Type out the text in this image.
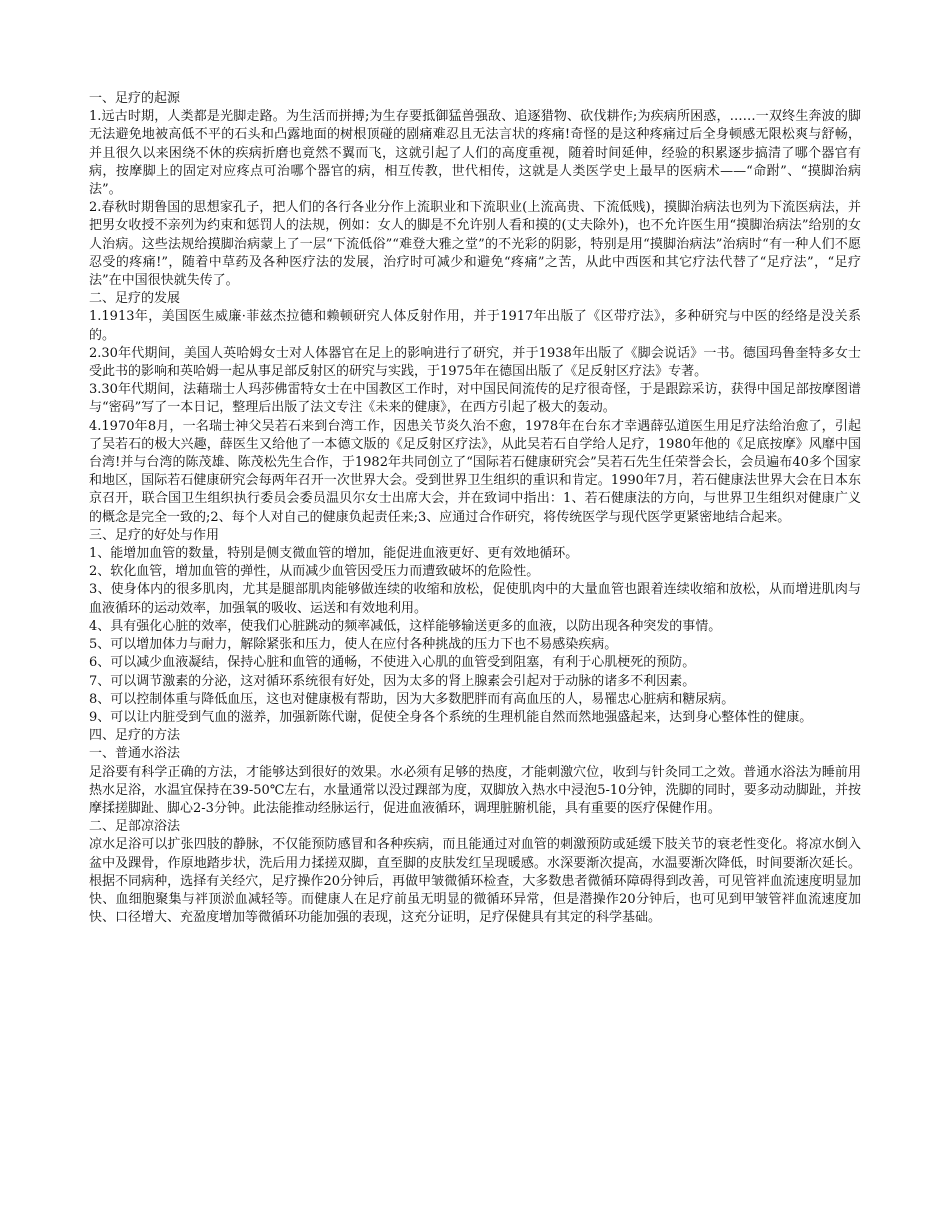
一、足疗的起源

1.远古时期，人类都是光脚走路。为生活而拼搏;为生存要抵御猛兽强敌、追逐猎物、砍伐耕作;为疾病所困惑，……一双终生奔波的脚无法避免地被高低不平的石头和凸露地面的树根顶碰的剧痛难忍且无法言状的疼痛!奇怪的是这种疼痛过后全身顿感无限松爽与舒畅，并且很久以来困绕不休的疾病折磨也竟然不翼而飞，这就引起了人们的高度重视，随着时间延伸，经验的积累逐步搞清了哪个器官有病，按摩脚上的固定对应疼点可治哪个器官的病，相互传教，世代相传，这就是人类医学史上最早的医病术——“命跗”、“摸脚治病法”。

2.春秋时期鲁国的思想家孔子，把人们的各行各业分作上流职业和下流职业(上流高贵、下流低贱)，摸脚治病法也列为下流医病法，并把男女收授不亲列为约束和惩罚人的法规，例如：女人的脚是不允许别人看和摸的(丈夫除外)，也不允许医生用“摸脚治病法”给别的女人治病。这些法规给摸脚治病蒙上了一层“下流低俗”“难登大雅之堂”的不光彩的阴影，特别是用“摸脚治病法”治病时“有一种人们不愿忍受的疼痛!”，随着中草药及各种医疗法的发展，治疗时可减少和避免“疼痛”之苦，从此中西医和其它疗法代替了“足疗法”，“足疗法”在中国很快就失传了。

二、足疗的发展

1.1913年，美国医生威廉·菲兹杰拉德和赖顿研究人体反射作用，并于1917年出版了《区带疗法》，多种研究与中医的经络是没关系的。

2.30年代期间，美国人英哈姆女士对人体器官在足上的影响进行了研究，并于1938年出版了《脚会说话》一书。德国玛鲁奎特多女士受此书的影响和英哈姆一起从事足部反射区的研究与实践，于1975年在德国出版了《足反射区疗法》专著。

3.30年代期间，法藉瑞士人玛莎佛雷特女士在中国教区工作时，对中国民间流传的足疗很奇怪，于是跟踪采访，获得中国足部按摩图谱与“密码”写了一本日记，整理后出版了法文专注《未来的健康》，在西方引起了极大的轰动。

4.1970年8月，一名瑞士神父吴若石来到台湾工作，因患关节炎久治不愈，1978年在台东才幸遇薛弘道医生用足疗法给治愈了，引起了吴若石的极大兴趣，薛医生又给他了一本德文版的《足反射区疗法》，从此吴若石自学给人足疗，1980年他的《足底按摩》风靡中国台湾!并与台湾的陈茂雄、陈茂松先生合作，于1982年共同创立了“国际若石健康研究会”吴若石先生任荣誉会长，会员遍布40多个国家和地区，国际若石健康研究会每两年召开一次世界大会。受到世界卫生组织的重识和肯定。1990年7月，若石健康法世界大会在日本东京召开，联合国卫生组织执行委员会委员温贝尔女士出席大会，并在致词中指出：1、若石健康法的方向，与世界卫生组织对健康广义的概念是完全一致的;2、每个人对自己的健康负起责任来;3、应通过合作研究，将传统医学与现代医学更紧密地结合起来。

三、足疗的好处与作用

1、能增加血管的数量，特别是侧支微血管的增加，能促进血液更好、更有效地循环。

2、软化血管，增加血管的弹性，从而减少血管因受压力而遭致破坏的危险性。

3、使身体内的很多肌肉，尤其是腿部肌肉能够做连续的收缩和放松，促使肌肉中的大量血管也跟着连续收缩和放松，从而增进肌肉与血液循环的运动效率，加强氧的吸收、运送和有效地利用。

4、具有强化心脏的效率，使我们心脏跳动的频率减低，这样能够输送更多的血液，以防出现各种突发的事情。

5、可以增加体力与耐力，解除紧张和压力，使人在应付各种挑战的压力下也不易感染疾病。

6、可以减少血液凝结，保持心脏和血管的通畅，不使进入心肌的血管受到阻塞，有利于心肌梗死的预防。

7、可以调节激素的分泌，这对循环系统很有好处，因为太多的肾上腺素会引起对于动脉的诸多不利因素。

8、可以控制体重与降低血压，这也对健康极有帮助，因为大多数肥胖而有高血压的人，易罹忠心脏病和糖尿病。

9、可以让内脏受到气血的滋养，加强新陈代谢，促使全身各个系统的生理机能自然而然地强盛起来，达到身心整体性的健康。

四、足疗的方法

一、普通水浴法

足浴要有科学正确的方法，才能够达到很好的效果。水必须有足够的热度，才能刺激穴位，收到与针灸同工之效。普通水浴法为睡前用热水足浴，水温宜保持在39-50℃左右，水量通常以没过踝部为度，双脚放入热水中浸泡5-10分钟，洗脚的同时，要多动动脚趾，并按摩揉搓脚趾、脚心2-3分钟。此法能推动经脉运行，促进血液循环，调理脏腑机能，具有重要的医疗保健作用。

二、足部凉浴法

凉水足浴可以扩张四肢的静脉，不仅能预防感冒和各种疾病，而且能通过对血管的刺激预防或延缓下肢关节的衰老性变化。将凉水倒入盆中及踝骨，作原地踏步状，洗后用力揉搓双脚，直至脚的皮肤发红呈现暖感。水深要渐次提高，水温要渐次降低，时间要渐次延长。根据不同病种，选择有关经穴，足疗操作20分钟后，再做甲皱微循环检查，大多数患者微循环障碍得到改善，可见管袢血流速度明显加快、血细胞聚集与袢顶淤血减轻等。而健康人在足疗前虽无明显的微循环异常，但是潜操作20分钟后，也可见到甲皱管袢血流速度加快、口径增大、充盈度增加等微循环功能加强的表现，这充分证明，足疗保健具有其定的科学基础。
